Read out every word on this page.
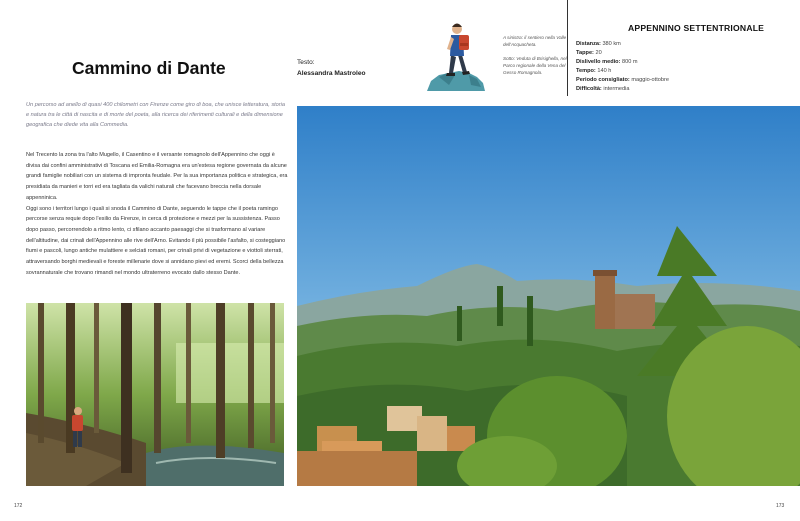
Cammino di Dante	Testo:
Alessandra Mastroleo

A sinistra: il sentiero nella Valle dell'Acquacheta.

Sotto: Veduta di Brisighella, nel Parco regionale della Vena del Gesso Romagnola.

APPENNINO SETTENTRIONALE
Distanza: 380 km
Tappe: 20
Dislivello medio: 800 m
Tempo: 140 h
Periodo consigliato: maggio-ottobre
Difficoltà: intermedia
Un percorso ad anello di quasi 400 chilometri con Firenze come giro di boa, che unisce letteratura, storia e natura tra le città di nascita e di morte del poeta, alla ricerca dei riferimenti culturali e della dimensione geografica che diede vita alla Commedia.

Nel Trecento la zona tra l'alto Mugello, il Casentino e il versante romagnolo dell'Appennino che oggi è divisa dai confini amministrativi di Toscana ed Emilia-Romagna era un'estesa regione governata da alcune grandi famiglie nobiliari con un sistema di impronta feudale. Per la sua importanza politica e strategica, era presidiata da manieri e torri ed era tagliata da valichi naturali che facevano breccia nella dorsale appenninica.

Oggi sono i territori lungo i quali si snoda il Cammino di Dante, seguendo le tappe che il poeta ramingo percorse senza requie dopo l'esilio da Firenze, in cerca di protezione e mezzi per la sussistenza. Passo dopo passo, percorrendolo a ritmo lento, ci sfilano accanto paesaggi che si trasformano al variare dell'altitudine, dai crinali dell'Appennino alle rive dell'Arno. Evitando il più possibile l'asfalto, si costeggiano fiumi e pascoli, lungo antiche mulattiere e selciati romani, per crinali privi di vegetazione e viottoli sterrati, attraversando borghi medievali e foreste millenarie dove si annidano pievi ed eremi. Scorci della bellezza sovrannaturale che trovano rimandi nel mondo ultraterreno evocato dallo stesso Dante.

172	173
